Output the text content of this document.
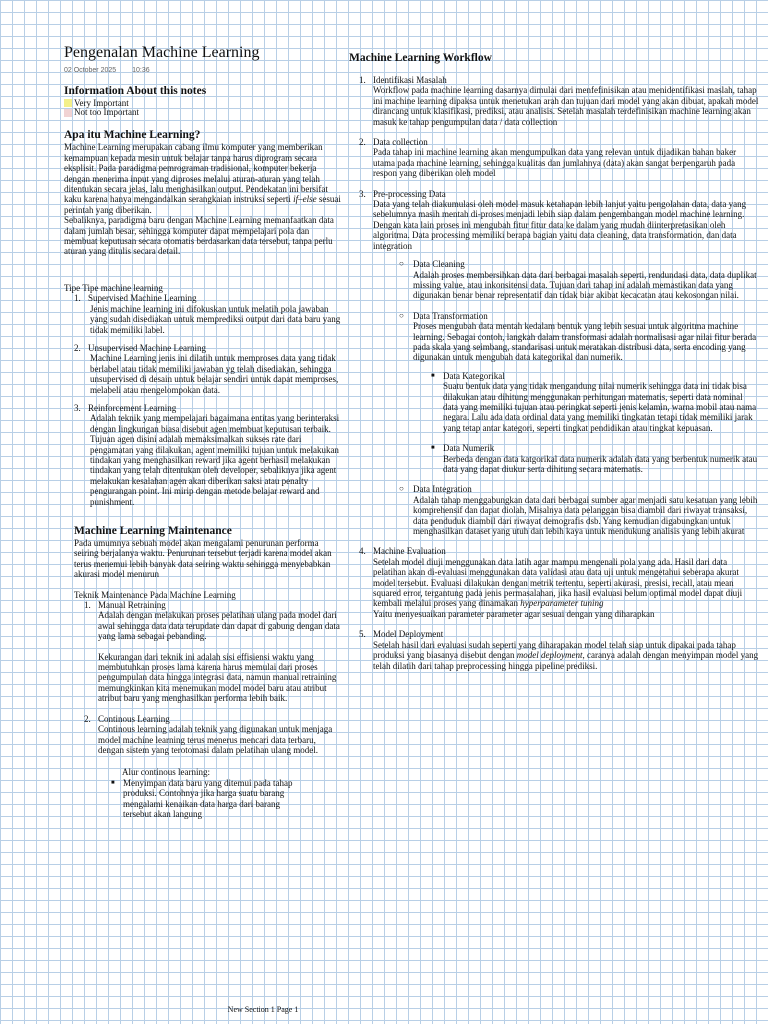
Pengenalan Machine Learning
02 October 2025 10:36
Information About this notes
Very Important
Not too Important
Apa itu Machine Learning?

Machine Learning merupakan cabang ilmu komputer yang memberikan kemampuan kepada mesin untuk belajar tanpa harus diprogram secara eksplisit. Pada paradigma pemrograman tradisional, komputer bekerja dengan menerima input yang diproses melalui aturan-aturan yang telah ditentukan secara jelas, lalu menghasilkan output. Pendekatan ini bersifat kaku karena hanya mengandalkan serangkaian instruksi seperti if–else sesuai perintah yang diberikan.

Sebaliknya, paradigma baru dengan Machine Learning memanfaatkan data dalam jumlah besar, sehingga komputer dapat mempelajari pola dan membuat keputusan secara otomatis berdasarkan data tersebut, tanpa perlu aturan yang ditulis secara detail.

Tipe Tipe machine learning

1. Supervised Machine Learning
Jenis machine learning ini difokuskan untuk melatih pola jawaban yang sudah disediakan untuk memprediksi output dari data baru yang tidak memiliki label.
2. Unsupervised Machine Learning
Machine Learning jenis ini dilatih untuk memproses data yang tidak berlabel atau tidak memiliki jawaban yg telah disediakan, sehingga unsupervised di desain untuk belajar sendiri untuk dapat memproses, melabeli atau mengelompokan data.
3. Reinforcement Learning
Adalah teknik yang mempelajari bagaimana entitas yang berinteraksi dengan lingkungan biasa disebut agen membuat keputusan terbaik. Tujuan agen disini adalah memaksimalkan sukses rate dari pengamatan yang dilakukan, agent memiliki tujuan untuk melakukan tindakan yang menghasilkan reward jika agent berhasil melakukan tindakan yang telah ditentukan oleh developer, sebaliknya jika agent melakukan kesalahan agen akan diberikan saksi atau penalty pengurangan point. Ini mirip dengan metode belajar reward and punishment.
Machine Learning Maintenance

Pada umumnya sebuah model akan mengalami penurunan performa seiring berjalanya waktu. Penurunan tersebut terjadi karena model akan terus menemui lebih banyak data seiring waktu sehingga menyebabkan akurasi model menurun

Teknik Maintenance Pada Machine Learning

1. Manual Retraining
Adalah dengan melakukan proses pelatihan ulang pada model dari awal sehingga data data terupdate dan dapat di gabung dengan data yang lama sebagai pebanding.
Kekurangan dari teknik ini adalah sisi effisiensi waktu yang membutuhkan proses lama karena harus memulai dari proses pengumpulan data hingga integrasi data, namun manual retraining memungkinkan kita menemukan model model baru atau atribut atribut baru yang menghasilkan performa lebih baik.
2. Continous Learning
Continous learning adalah teknik yang digunakan untuk menjaga model machine learning terus menerus mencari data terbaru, dengan sistem yang terotomasi dalam pelatihan ulang model.
Alur continous learning:
■ Menyimpan data baru yang ditemui pada tahap produksi. Contohnya jika harga suatu barang mengalami kenaikan data harga dari barang tersebut akan langung
Machine Learning Workflow
1. Identifikasi Masalah
Workflow pada machine learning dasarnya dimulai dari menfefinisikan atau menidentifikasi maslah, tahap ini machine learning dipaksa untuk menetukan arah dan tujuan dari model yang akan dibuat, apakah model dirancang untuk klasifikasi, prediksi, atau analisis. Setelah masalah terdefinisikan machine learning akan masuk ke tahap pengumpulan data / data collection
2. Data collection
Pada tahap ini machine learning akan mengumpulkan data yang relevan untuk dijadikan bahan baker utama pada machine learning, sehingga kualitas dan jumlahnya (data) akan sangat berpengaruh pada respon yang diberikan oleh model
3. Pre-processing Data
Data yang telah diakumulasi oleh model masuk ketahapan lebih lanjut yaitu pengolahan data, data yang sebelumnya masih mentah di-proses menjadi lebih siap dalam pengembangan model machine learning. Dengan kata lain proses ini mengubah fitur fitur data ke dalam yang mudah diinterpretasikan oleh algoritma. Data processing memiliki berapa bagian yaitu data cleaning, data transformation, dan data integration
○ Data Cleaning
Adalah proses membersihkan data dari berbagai masalah seperti, rendundasi data, data duplikat missing value, atau inkonsitensi data. Tujuan dari tahap ini adalah memastikan data yang digunakan benar benar representatif dan tidak biar akibat kecacatan atau kekosongan nilai.
○ Data Transformation
Proses mengubah data mentah kedalam bentuk yang lebih sesuai untuk algoritma machine learning. Sebagai contoh, langkah dalam transformasi adalah normalisasi agar nilai fitur berada pada skala yang seimbang, standarisasi untuk meratakan distribusi data, serta encoding yang digunakan untuk mengubah data kategorikal dan numerik.
■ Data Kategorikal
Suatu bentuk data yang tidak mengandung nilai numerik sehingga data ini tidak bisa dilakukan atau dihitung menggunakan perhitungan matematis, seperti data nominal data yang memiliki tujuan atau peringkat seperti jenis kelamin, warna mobil atau nama negara. Lalu ada data ordinal data yang memiliki tingkatan tetapi tidak memiliki jarak yang tetap antar kategori, seperti tingkat pendidikan atau tingkat kepuasan.
■ Data Numerik
Berbeda dengan data katgorikal data numerik adalah data yang berbentuk numerik atau data yang dapat diukur serta dihitung secara matematis.
○ Data Integration
Adalah tahap menggabungkan data dari berbagai sumber agar menjadi satu kesatuan yang lebih komprehensif dan dapat diolah, Misalnya data pelanggan bisa diambil dari riwayat transaksi, data penduduk diambil dari riwayat demografis dsb. Yang kemudian digabungkan untuk menghasilkan dataset yang utuh dan lebih kaya untuk mendukung analisis yang lebih akurat
4. Machine Evaluation
Setelah model diuji menggunakan data latih agar mampu mengenali pola yang ada. Hasil dari data pelatihan akan di-evaluasi menggunakan data validasi atau data uji untuk mengetahui seberapa akurat model tersebut. Evaluasi dilakukan dengan metrik tertentu, seperti akurasi, presisi, recall, atau mean squared error, tergantung pada jenis permasalahan, jika hasil evaluasi belum optimal model dapat diuji kembali melalui proses yang dinamakan hyperparameter tuning
Yaitu menyesuaikan parameter parameter agar sesuai dengan yang diharapkan
5. Model Deployment
Setelah hasil dari evaluasi sudah seperti yang diharapakan model telah siap untuk dipakai pada tahap produksi yang biasanya disebut dengan model deployment, caranya adalah dengan menyimpan model yang telah dilatih dari tahap preprocessing hingga pipeline prediksi.
New Section 1 Page 1
